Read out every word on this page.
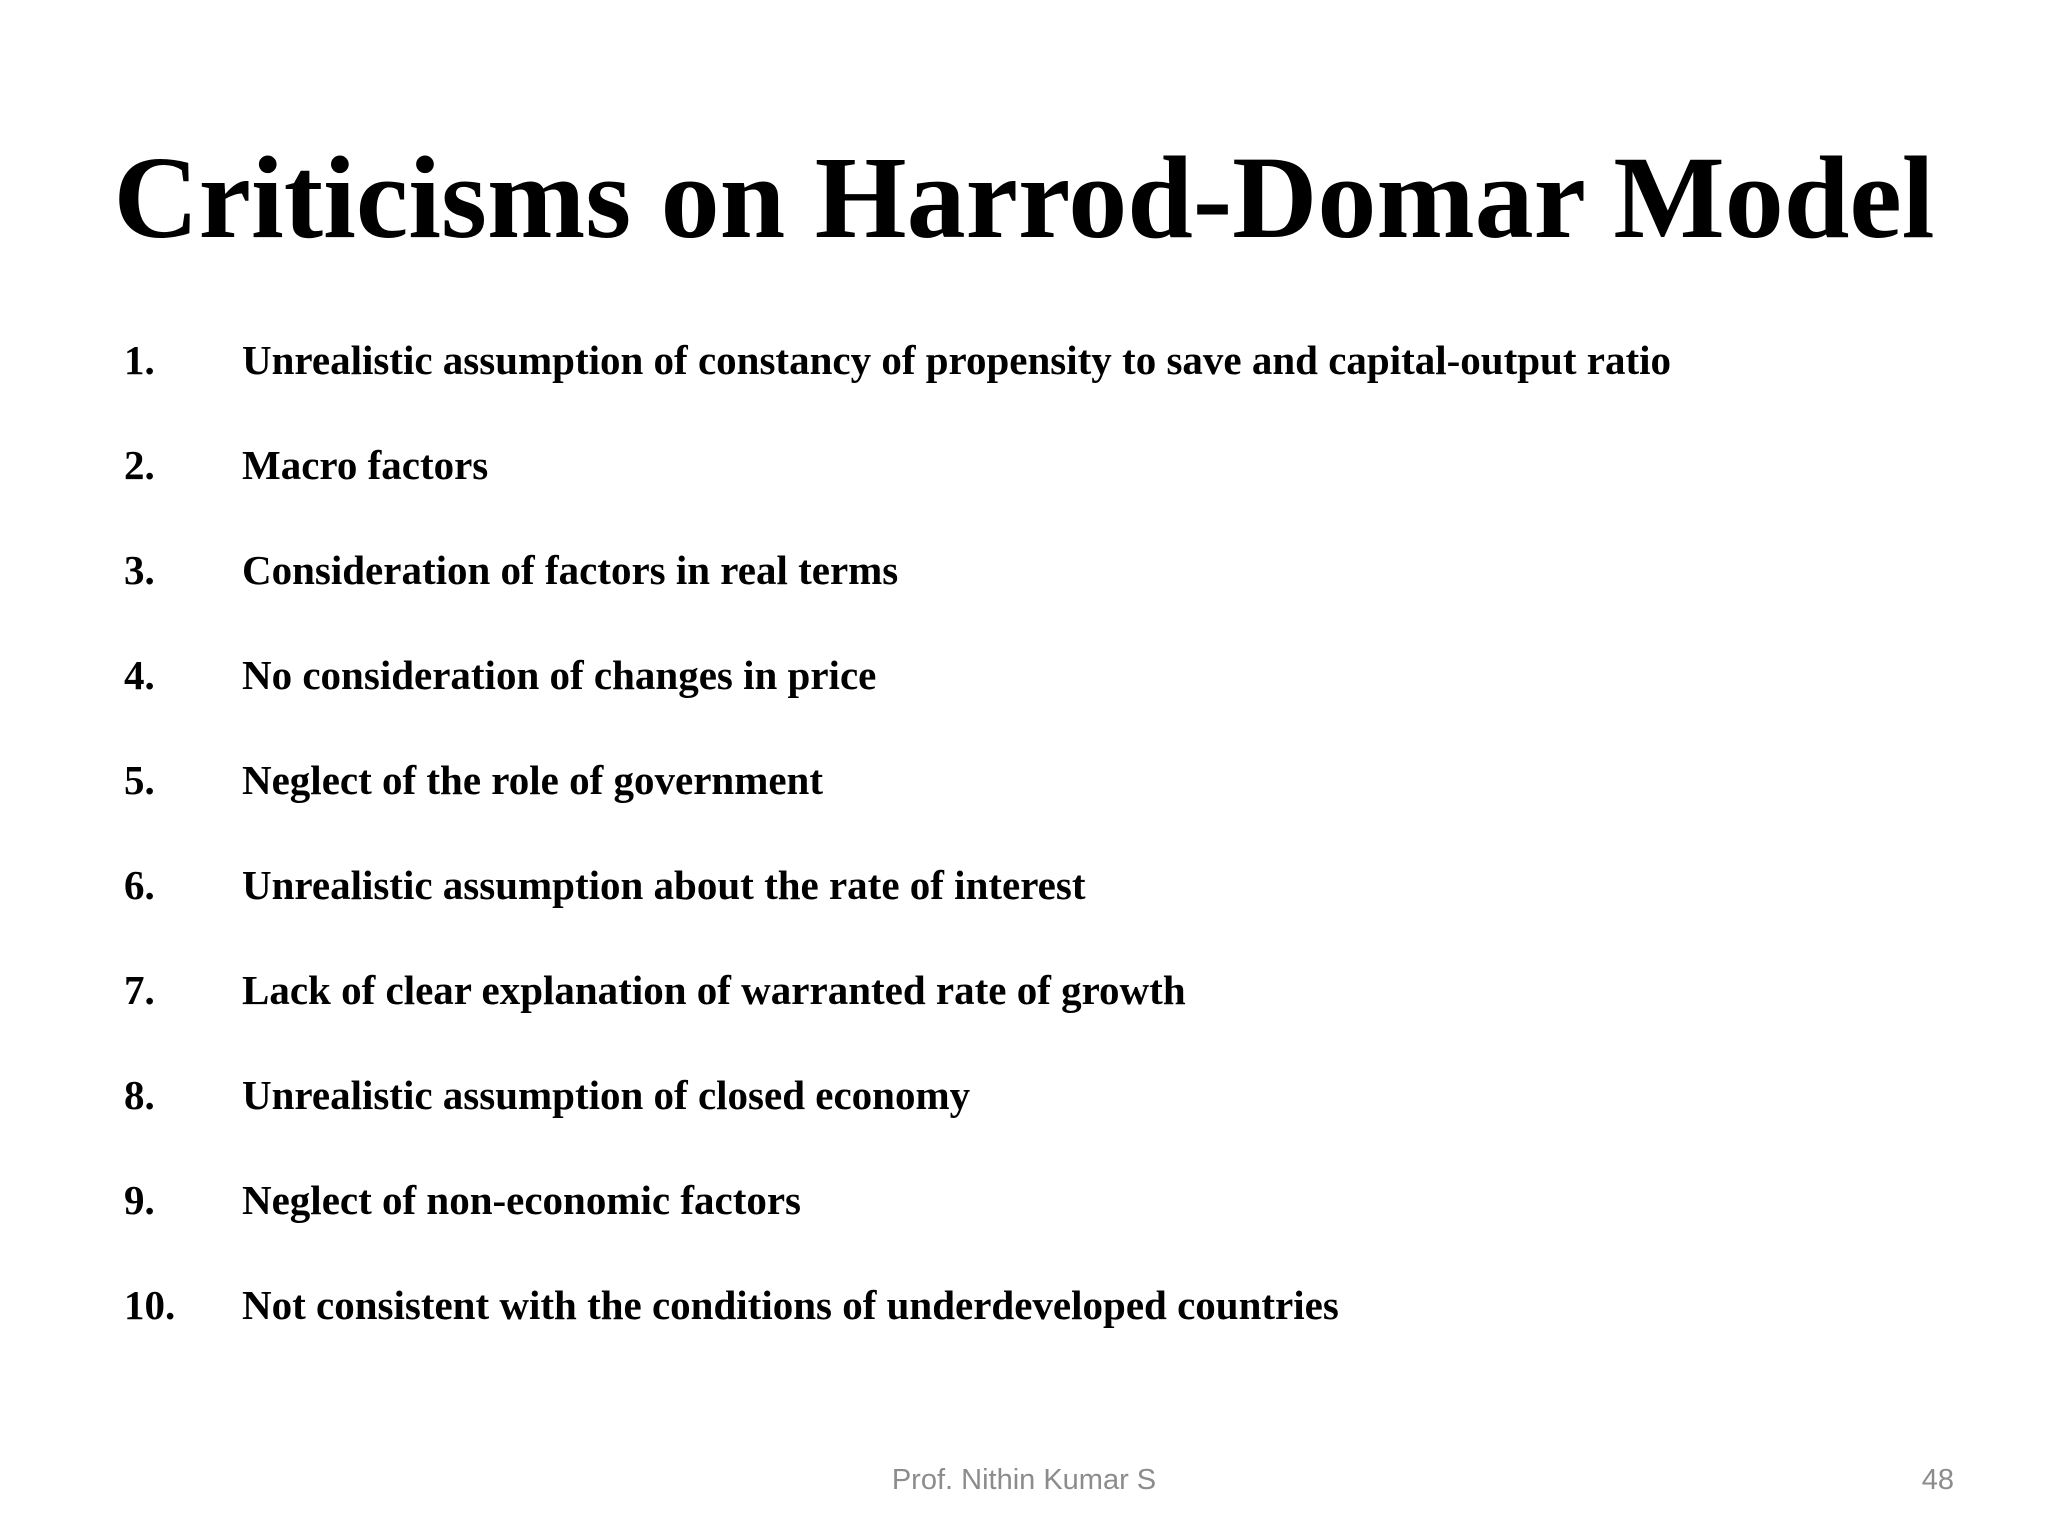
Criticisms on Harrod-Domar Model
1. Unrealistic assumption of constancy of propensity to save and capital-output ratio
2. Macro factors
3. Consideration of factors in real terms
4. No consideration of changes in price
5. Neglect of the role of government
6. Unrealistic assumption about the rate of interest
7. Lack of clear explanation of warranted rate of growth
8. Unrealistic assumption of closed economy
9. Neglect of non-economic factors
10. Not consistent with the conditions of underdeveloped countries
Prof. Nithin Kumar S	48
